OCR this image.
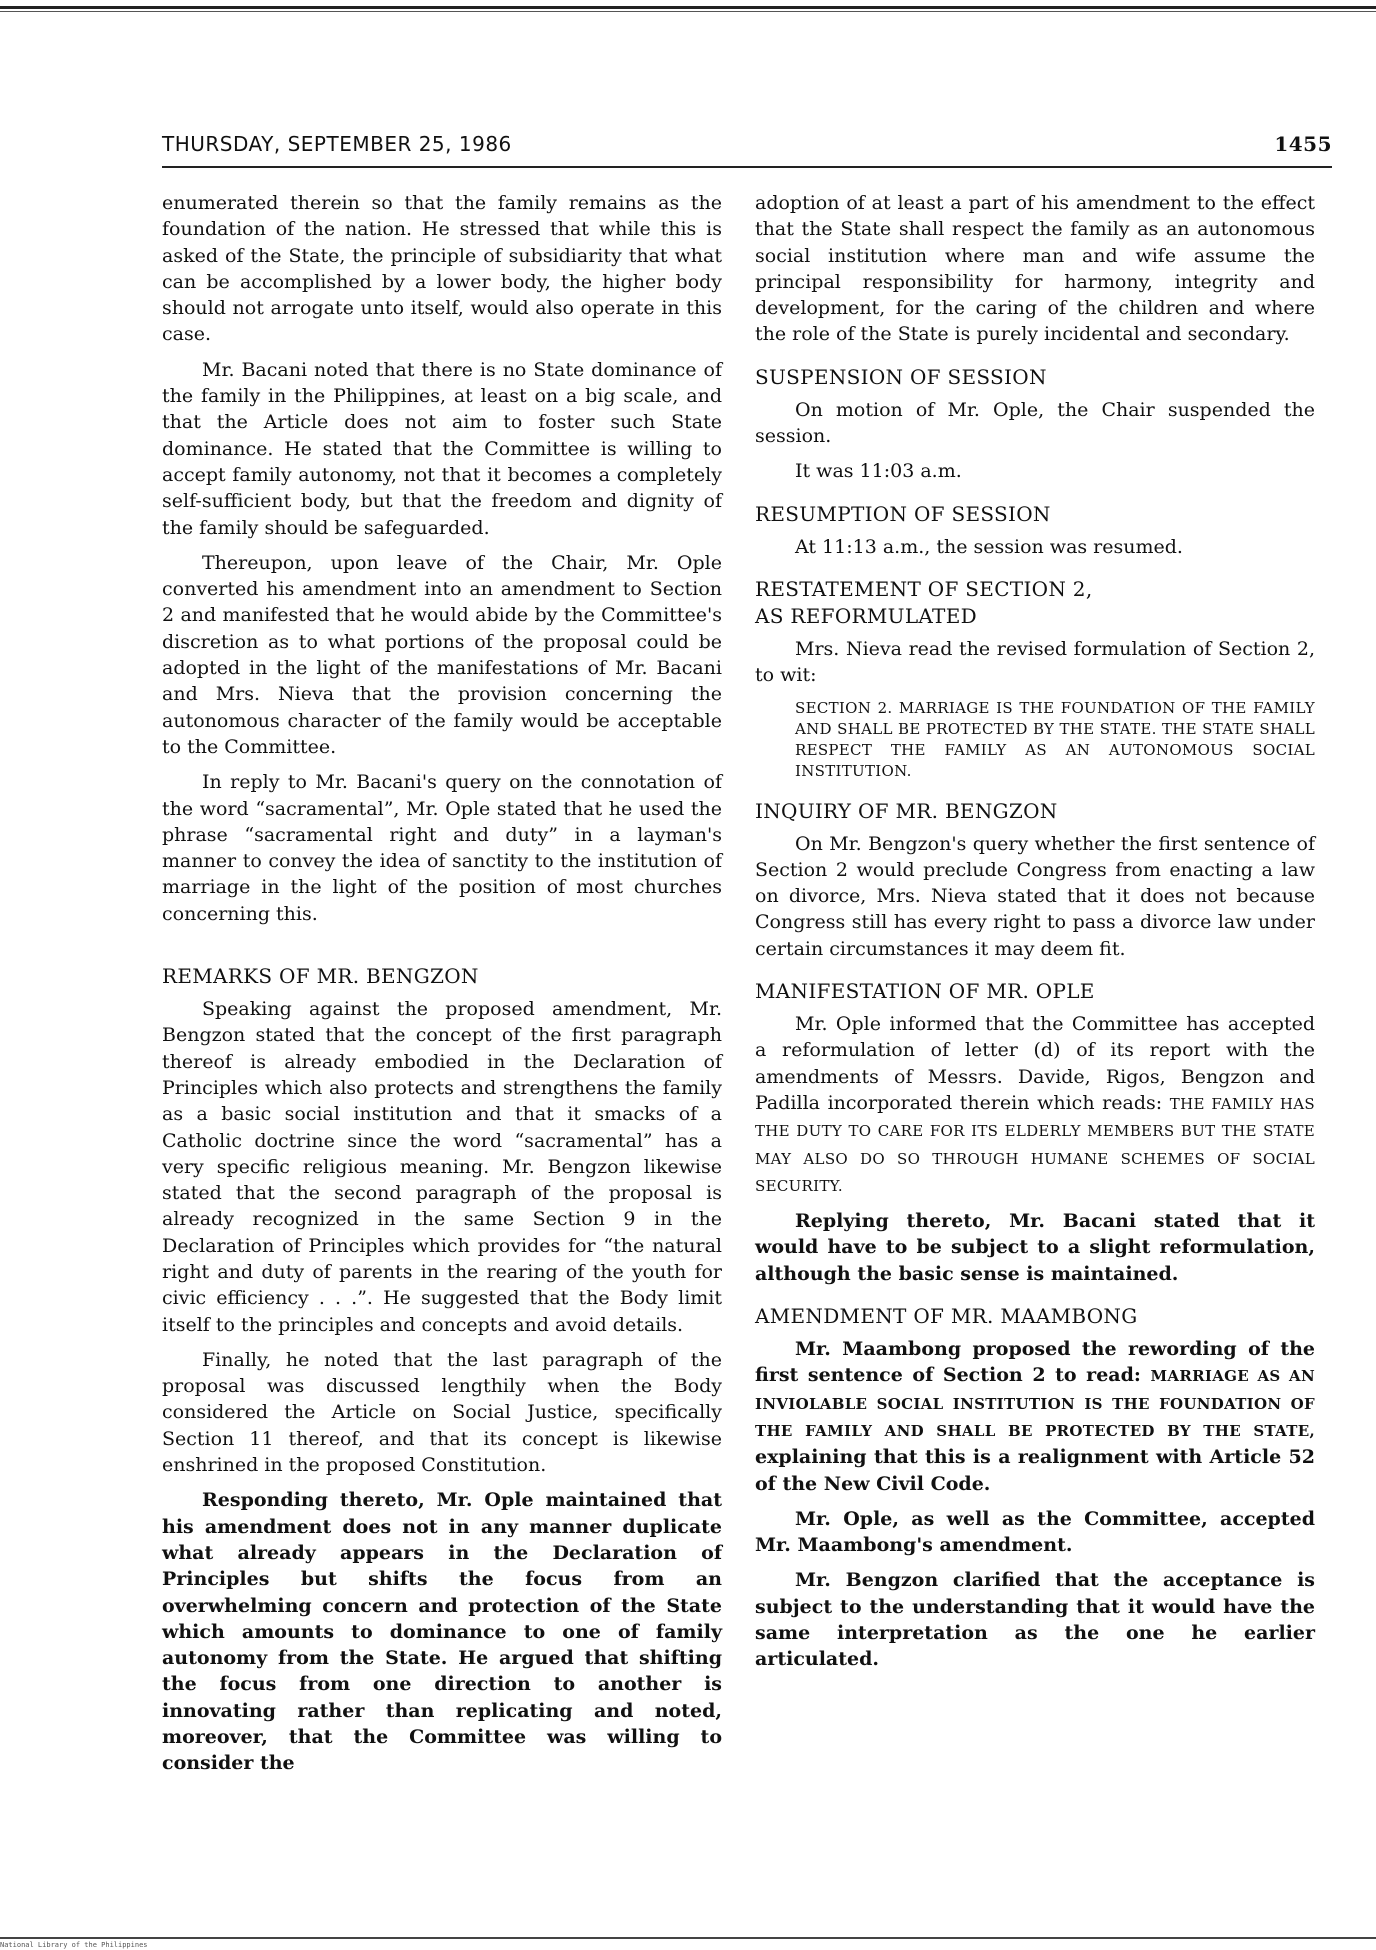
THURSDAY, SEPTEMBER 25, 1986	1455

enumerated therein so that the family remains as the foundation of the nation. He stressed that while this is asked of the State, the principle of subsidiarity that what can be accomplished by a lower body, the higher body should not arrogate unto itself, would also operate in this case.

Mr. Bacani noted that there is no State dominance of the family in the Philippines, at least on a big scale, and that the Article does not aim to foster such State dominance. He stated that the Committee is willing to accept family autonomy, not that it becomes a completely self-sufficient body, but that the freedom and dignity of the family should be safeguarded.

Thereupon, upon leave of the Chair, Mr. Ople converted his amendment into an amendment to Section 2 and manifested that he would abide by the Committee's discretion as to what portions of the proposal could be adopted in the light of the manifestations of Mr. Bacani and Mrs. Nieva that the provision concerning the autonomous character of the family would be acceptable to the Committee.

In reply to Mr. Bacani's query on the connotation of the word “sacramental”, Mr. Ople stated that he used the phrase “sacramental right and duty” in a layman's manner to convey the idea of sanctity to the institution of marriage in the light of the position of most churches concerning this.

REMARKS OF MR. BENGZON

Speaking against the proposed amendment, Mr. Bengzon stated that the concept of the first paragraph thereof is already embodied in the Declaration of Principles which also protects and strengthens the family as a basic social institution and that it smacks of a Catholic doctrine since the word “sacramental” has a very specific religious meaning. Mr. Bengzon likewise stated that the second paragraph of the proposal is already recognized in the same Section 9 in the Declaration of Principles which provides for “the natural right and duty of parents in the rearing of the youth for civic efficiency . . .”. He suggested that the Body limit itself to the principles and concepts and avoid details.

Finally, he noted that the last paragraph of the proposal was discussed lengthily when the Body considered the Article on Social Justice, specifically Section 11 thereof, and that its concept is likewise enshrined in the proposed Constitution.

Responding thereto, Mr. Ople maintained that his amendment does not in any manner duplicate what already appears in the Declaration of Principles but shifts the focus from an overwhelming concern and protection of the State which amounts to dominance to one of family autonomy from the State. He argued that shifting the focus from one direction to another is innovating rather than replicating and noted, moreover, that the Committee was willing to consider the

adoption of at least a part of his amendment to the effect that the State shall respect the family as an autonomous social institution where man and wife assume the principal responsibility for harmony, integrity and development, for the caring of the children and where the role of the State is purely incidental and secondary.

SUSPENSION OF SESSION

On motion of Mr. Ople, the Chair suspended the session.

It was 11:03 a.m.

RESUMPTION OF SESSION

At 11:13 a.m., the session was resumed.

RESTATEMENT OF SECTION 2,
AS REFORMULATED

Mrs. Nieva read the revised formulation of Section 2, to wit:

SECTION 2. MARRIAGE IS THE FOUNDATION OF THE FAMILY AND SHALL BE PROTECTED BY THE STATE. THE STATE SHALL RESPECT THE FAMILY AS AN AUTONOMOUS SOCIAL INSTITUTION.
INQUIRY OF MR. BENGZON

On Mr. Bengzon's query whether the first sentence of Section 2 would preclude Congress from enacting a law on divorce, Mrs. Nieva stated that it does not because Congress still has every right to pass a divorce law under certain circumstances it may deem fit.

MANIFESTATION OF MR. OPLE

Mr. Ople informed that the Committee has accepted a reformulation of letter (d) of its report with the amendments of Messrs. Davide, Rigos, Bengzon and Padilla incorporated therein which reads: THE FAMILY HAS THE DUTY TO CARE FOR ITS ELDERLY MEMBERS BUT THE STATE MAY ALSO DO SO THROUGH HUMANE SCHEMES OF SOCIAL SECURITY.

Replying thereto, Mr. Bacani stated that it would have to be subject to a slight reformulation, although the basic sense is maintained.

AMENDMENT OF MR. MAAMBONG

Mr. Maambong proposed the rewording of the first sentence of Section 2 to read: MARRIAGE AS AN INVIOLABLE SOCIAL INSTITUTION IS THE FOUNDATION OF THE FAMILY AND SHALL BE PROTECTED BY THE STATE, explaining that this is a realignment with Article 52 of the New Civil Code.

Mr. Ople, as well as the Committee, accepted Mr. Maambong's amendment.

Mr. Bengzon clarified that the acceptance is subject to the understanding that it would have the same interpretation as the one he earlier articulated.

National Library of the Philippines
